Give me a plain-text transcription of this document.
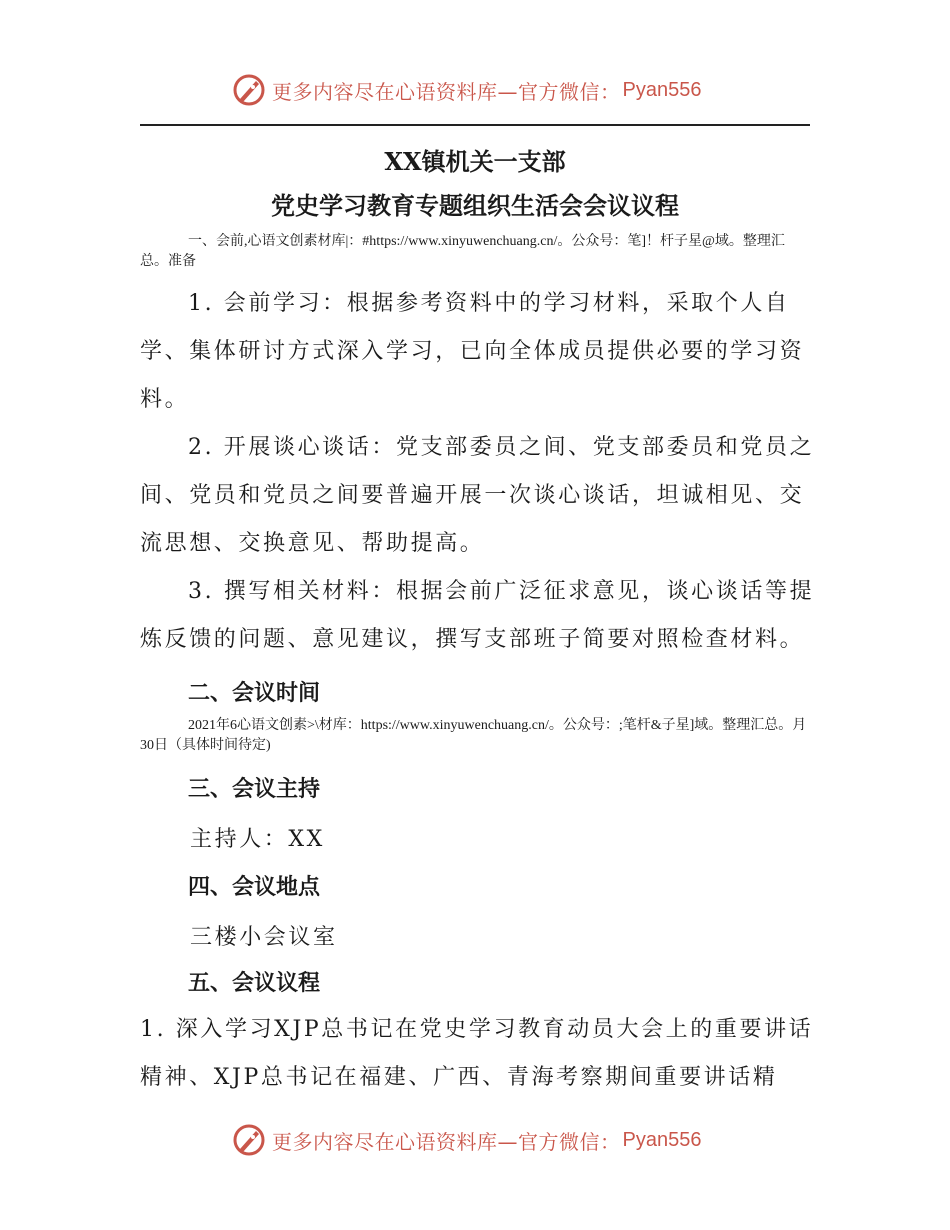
更多内容尽在心语资料库—官方微信： Pyan556
XX镇机关一支部
党史学习教育专题组织生活会会议议程
一、会前,心语文创素材库|：#https://www.xinyuwenchuang.cn/。公众号：笔]！杆子星@域。整理汇总。准备
1. 会前学习：根据参考资料中的学习材料，采取个人自学、集体研讨方式深入学习，已向全体成员提供必要的学习资料。
2. 开展谈心谈话：党支部委员之间、党支部委员和党员之间、党员和党员之间要普遍开展一次谈心谈话，坦诚相见、交流思想、交换意见、帮助提高。
3. 撰写相关材料：根据会前广泛征求意见，谈心谈话等提炼反馈的问题、意见建议，撰写支部班子简要对照检查材料。
二、会议时间
2021年6心语文创素>\材库：https://www.xinyuwenchuang.cn/。公众号：;笔杆&子星]域。整理汇总。月30日（具体时间待定)
三、会议主持
主持人：XX
四、会议地点
三楼小会议室
五、会议议程
1. 深入学习XJP总书记在党史学习教育动员大会上的重要讲话精神、XJP总书记在福建、广西、青海考察期间重要讲话精
更多内容尽在心语资料库—官方微信： Pyan556
